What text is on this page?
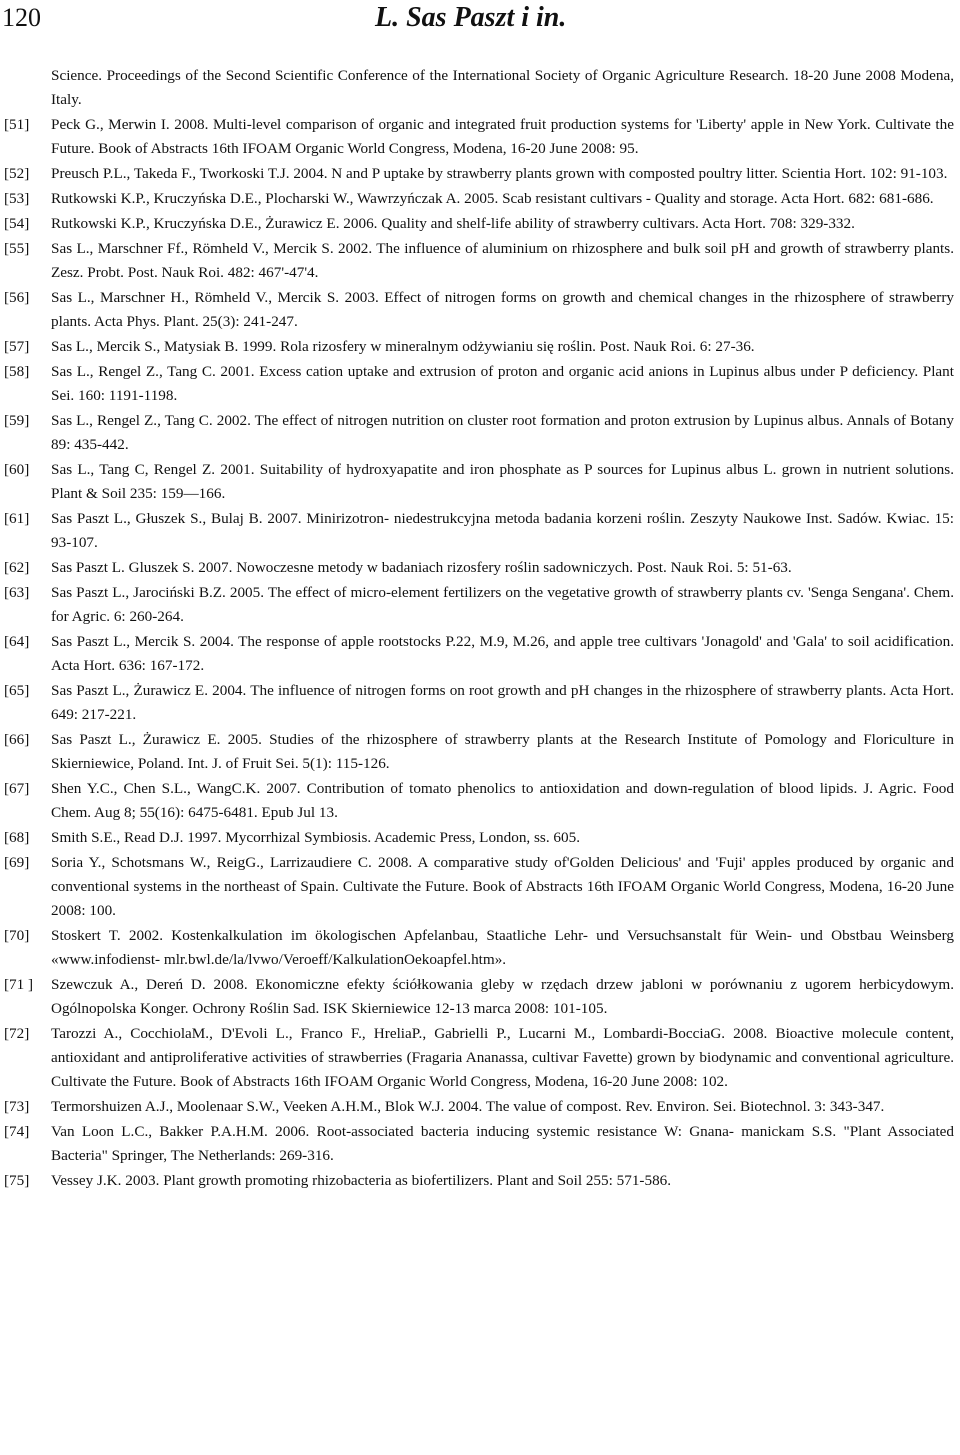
120	L. Sas Paszt i in.
Science. Proceedings of the Second Scientific Conference of the International Society of Organic Agriculture Research. 18-20 June 2008 Modena, Italy.
[51]	Peck G., Merwin I. 2008. Multi-level comparison of organic and integrated fruit production systems for 'Liberty' apple in New York. Cultivate the Future. Book of Abstracts 16th IFOAM Organic World Congress, Modena, 16-20 June 2008: 95.
[52]	Preusch P.L., Takeda F., Tworkoski T.J. 2004. N and P uptake by strawberry plants grown with composted poultry litter. Scientia Hort. 102: 91-103.
[53]	Rutkowski K.P., Kruczyńska D.E., Plocharski W., Wawrzyńczak A. 2005. Scab resistant cultivars - Quality and storage. Acta Hort. 682: 681-686.
[54]	Rutkowski K.P., Kruczyńska D.E., Żurawicz E. 2006. Quality and shelf-life ability of strawberry cultivars. Acta Hort. 708: 329-332.
[55]	Sas L., Marschner Ff., Römheld V., Mercik S. 2002. The influence of aluminium on rhizosphere and bulk soil pH and growth of strawberry plants. Zesz. Probt. Post. Nauk Roi. 482: 467'-47'4.
[56]	Sas L., Marschner H., Römheld V., Mercik S. 2003. Effect of nitrogen forms on growth and chemical changes in the rhizosphere of strawberry plants. Acta Phys. Plant. 25(3): 241-247.
[57]	Sas L., Mercik S., Matysiak B. 1999. Rola rizosfery w mineralnym odżywianiu się roślin. Post. Nauk Roi. 6: 27-36.
[58]	Sas L., Rengel Z., Tang C. 2001. Excess cation uptake and extrusion of proton and organic acid anions in Lupinus albus under P deficiency. Plant Sei. 160: 1191-1198.
[59]	Sas L., Rengel Z., Tang C. 2002. The effect of nitrogen nutrition on cluster root formation and proton extrusion by Lupinus albus. Annals of Botany 89: 435-442.
[60]	Sas L., Tang C, Rengel Z. 2001. Suitability of hydroxyapatite and iron phosphate as P sources for Lupinus albus L. grown in nutrient solutions. Plant & Soil 235: 159—166.
[61]	Sas Paszt L., Głuszek S., Bulaj B. 2007. Minirizotron- niedestrukcyjna metoda badania korzeni roślin. Zeszyty Naukowe Inst. Sadów. Kwiac. 15: 93-107.
[62]	Sas Paszt L. Gluszek S. 2007. Nowoczesne metody w badaniach rizosfery roślin sadowniczych. Post. Nauk Roi. 5: 51-63.
[63]	Sas Paszt L., Jarociński B.Z. 2005. The effect of micro-element fertilizers on the vegetative growth of strawberry plants cv. 'Senga Sengana'. Chem. for Agric. 6: 260-264.
[64]	Sas Paszt L., Mercik S. 2004. The response of apple rootstocks P.22, M.9, M.26, and apple tree cultivars 'Jonagold' and 'Gala' to soil acidification. Acta Hort. 636: 167-172.
[65]	Sas Paszt L., Żurawicz E. 2004. The influence of nitrogen forms on root growth and pH changes in the rhizosphere of strawberry plants. Acta Hort. 649: 217-221.
[66]	Sas Paszt L., Żurawicz E. 2005. Studies of the rhizosphere of strawberry plants at the Research Institute of Pomology and Floriculture in Skierniewice, Poland. Int. J. of Fruit Sei. 5(1): 115-126.
[67]	Shen Y.C., Chen S.L., WangC.K. 2007. Contribution of tomato phenolics to antioxidation and down-regulation of blood lipids. J. Agric. Food Chem. Aug 8; 55(16): 6475-6481. Epub Jul 13.
[68]	Smith S.E., Read D.J. 1997. Mycorrhizal Symbiosis. Academic Press, London, ss. 605.
[69]	Soria Y., Schotsmans W., ReigG., Larrizaudiere C. 2008. A comparative study of'Golden Delicious' and 'Fuji' apples produced by organic and conventional systems in the northeast of Spain. Cultivate the Future. Book of Abstracts 16th IFOAM Organic World Congress, Modena, 16-20 June 2008: 100.
[70]	Stoskert T. 2002. Kostenkalkulation im ökologischen Apfelanbau, Staatliche Lehr- und Versuchsanstalt für Wein- und Obstbau Weinsberg «www.infodienst- mlr.bwl.de/la/lvwo/Veroeff/KalkulationOekoapfel.htm».
[71 ]	Szewczuk A., Dereń D. 2008. Ekonomiczne efekty ściółkowania gleby w rzędach drzew jabloni w porównaniu z ugorem herbicydowym. Ogólnopolska Konger. Ochrony Roślin Sad. ISK Skierniewice 12-13 marca 2008: 101-105.
[72]	Tarozzi A., CocchiolaM., D'Evoli L., Franco F., HreliaP., Gabrielli P., Lucarni M., Lombardi-BocciaG. 2008. Bioactive molecule content, antioxidant and antiproliferative activities of strawberries (Fragaria Ananassa, cultivar Favette) grown by biodynamic and conventional agriculture. Cultivate the Future. Book of Abstracts 16th IFOAM Organic World Congress, Modena, 16-20 June 2008: 102.
[73]	Termorshuizen A.J., Moolenaar S.W., Veeken A.H.M., Blok W.J. 2004. The value of compost. Rev. Environ. Sei. Biotechnol. 3: 343-347.
[74]	Van Loon L.C., Bakker P.A.H.M. 2006. Root-associated bacteria inducing systemic resistance W: Gnana- manickam S.S. "Plant Associated Bacteria" Springer, The Netherlands: 269-316.
[75]	Vessey J.K. 2003. Plant growth promoting rhizobacteria as biofertilizers. Plant and Soil 255: 571-586.
